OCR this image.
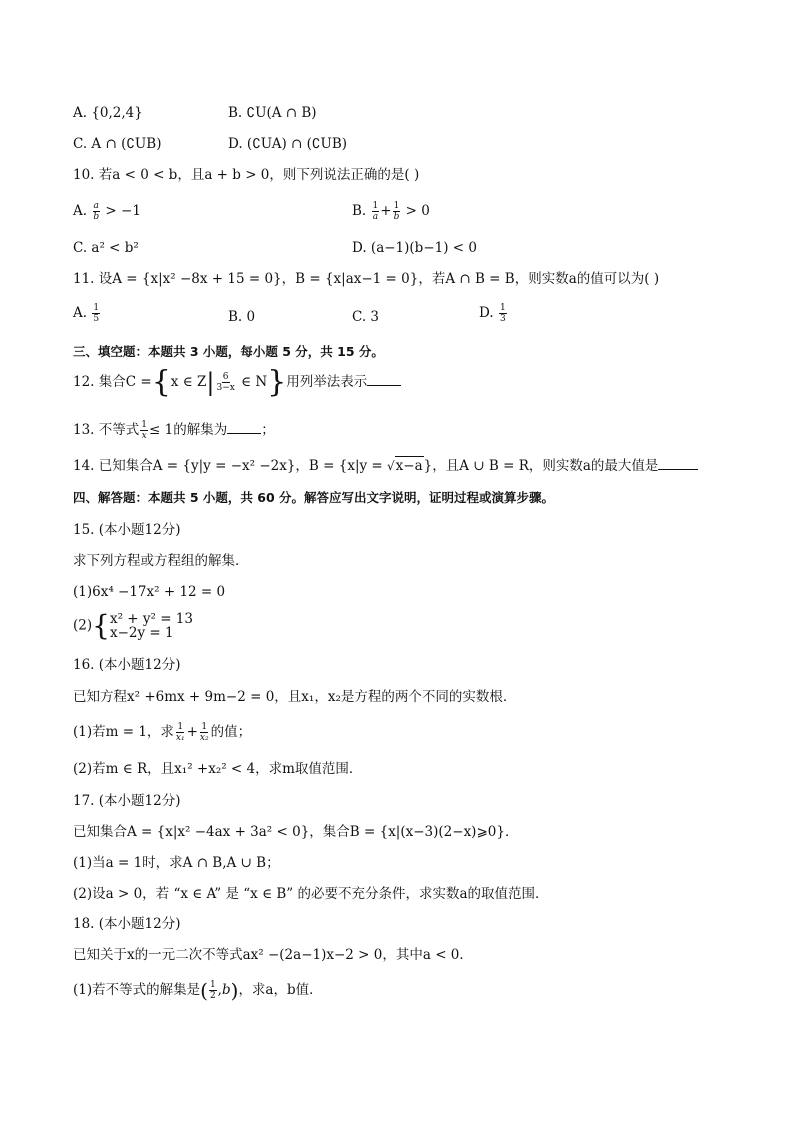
A. {0,2,4}	B. ∁U(A ∩ B)
C. A ∩ (∁UB)	D. (∁UA) ∩ (∁UB)
10. 若a < 0 < b，且a + b > 0，则下列说法正确的是( )
A. $\frac{a}{b} > -1$	B. $\frac{1}{a} + \frac{1}{b} > 0$
C. a² < b²	D. (a−1)(b−1) < 0
11. 设A = {x|x² −8x + 15 = 0}，B = {x|ax−1 = 0}，若A ∩ B = B，则实数a的值可以为( )
A. $\frac{1}{5}$	B. 0	C. 3	D. $\frac{1}{3}$
三、填空题：本题共 3 小题，每小题 5 分，共 15 分。
12. 集合C ={x ∈ $Z| \frac{6}{3-x}$ ∈ N}用列举法表示
13. 不等式 $\frac{1}{x} \le 1$的解集为	；
14. 已知集合A = {y|y = −x² −2x}，B = {x|y = √x−a}，且A ∪ B = R，则实数a的最大值是
四、解答题：本题共 5 小题，共 60 分。解答应写出文字说明，证明过程或演算步骤。
15. (本小题12分)
求下列方程或方程组的解集．
(1)6x⁴ −17x² + 12 = 0
(2){ x² + y² = 13
x−2y = 1
16. (本小题12分)
已知方程x² +6mx + 9m−2 = 0，且x₁，x₂是方程的两个不同的实数根．
(1)若m = 1，求 $\frac{1}{\text{x₁}} + \frac{1}{\text{x₂}}$ 的值；
(2)若m ∈ R，且x₁² +x₂² < 4，求m取值范围．
17. (本小题12分)
已知集合A = {x|x² −4ax + 3a² < 0}，集合B = {x|(x−3)(2−x)⩾0}．
(1)当a = 1时，求A ∩ B,A ∪ B；
(2)设a > 0，若 “x ∈ A” 是 “x ∈ B” 的必要不充分条件，求实数a的取值范围．
18. (本小题12分)
已知关于x的一元二次不等式ax² −(2a−1)x−2 > 0，其中a < 0．
(1)若不等式的解集是( $\frac{1}{2} ,b$)，求a，b值．
